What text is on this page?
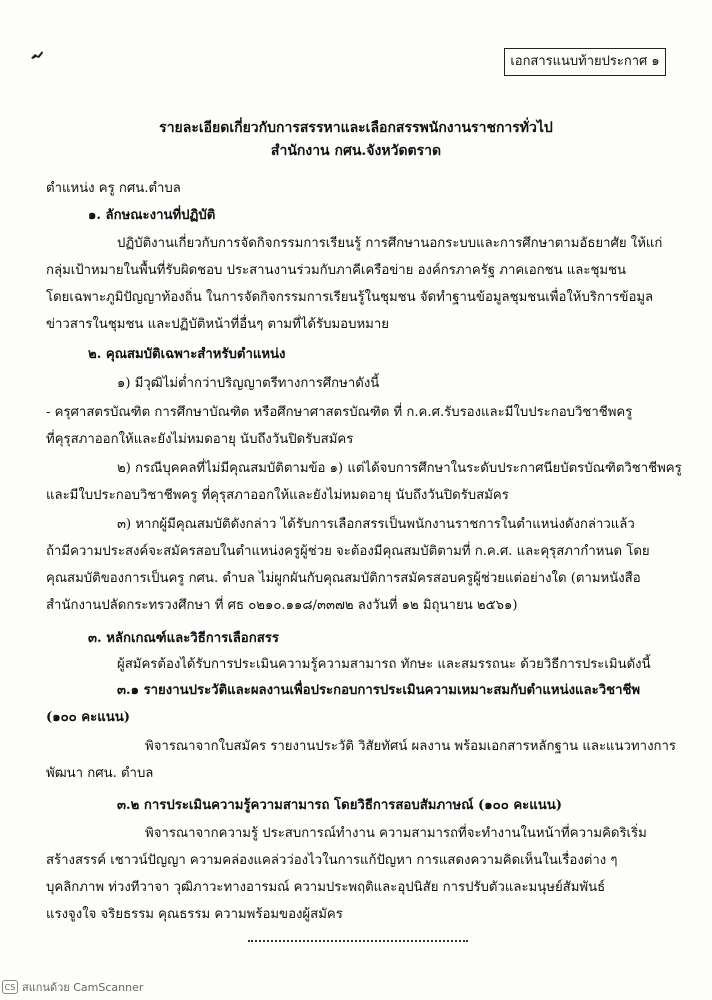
เอกสารแนบท้ายประกาศ ๑
รายละเอียดเกี่ยวกับการสรรหาและเลือกสรรพนักงานราชการทั่วไป
สำนักงาน กศน.จังหวัดตราด
ตำแหน่ง ครู กศน.ตำบล
๑. ลักษณะงานที่ปฏิบัติ
ปฏิบัติงานเกี่ยวกับการจัดกิจกรรมการเรียนรู้ การศึกษานอกระบบและการศึกษาตามอัธยาศัย ให้แก่
กลุ่มเป้าหมายในพื้นที่รับผิดชอบ ประสานงานร่วมกับภาคีเครือข่าย องค์กรภาครัฐ ภาคเอกชน และชุมชน
โดยเฉพาะภูมิปัญญาท้องถิ่น ในการจัดกิจกรรมการเรียนรู้ในชุมชน จัดทำฐานข้อมูลชุมชนเพื่อให้บริการข้อมูล
ข่าวสารในชุมชน และปฏิบัติหน้าที่อื่นๆ ตามที่ได้รับมอบหมาย
๒. คุณสมบัติเฉพาะสำหรับตำแหน่ง
๑) มีวุฒิไม่ต่ำกว่าปริญญาตรีทางการศึกษาดังนี้
- ครุศาสตรบัณฑิต การศึกษาบัณฑิต หรือศึกษาศาสตรบัณฑิต ที่ ก.ค.ศ.รับรองและมีใบประกอบวิชาชีพครู
ที่คุรุสภาออกให้และยังไม่หมดอายุ นับถึงวันปิดรับสมัคร
๒) กรณีบุคคลที่ไม่มีคุณสมบัติตามข้อ ๑) แต่ได้จบการศึกษาในระดับประกาศนียบัตรบัณฑิตวิชาชีพครู
และมีใบประกอบวิชาชีพครู ที่คุรุสภาออกให้และยังไม่หมดอายุ นับถึงวันปิดรับสมัคร
๓) หากผู้มีคุณสมบัติดังกล่าว ได้รับการเลือกสรรเป็นพนักงานราชการในตำแหน่งดังกล่าวแล้ว
ถ้ามีความประสงค์จะสมัครสอบในตำแหน่งครูผู้ช่วย จะต้องมีคุณสมบัติตามที่ ก.ค.ศ. และคุรุสภากำหนด โดย
คุณสมบัติของการเป็นครู กศน. ตำบล ไม่ผูกผันกับคุณสมบัติการสมัครสอบครูผู้ช่วยแต่อย่างใด (ตามหนังสือ
สำนักงานปลัดกระทรวงศึกษา ที่ ศธ ๐๒๑๐.๑๑๘/๓๓๗๒ ลงวันที่ ๑๒ มิถุนายน ๒๕๖๑)
๓. หลักเกณฑ์และวิธีการเลือกสรร
ผู้สมัครต้องได้รับการประเมินความรู้ความสามารถ ทักษะ และสมรรถนะ ด้วยวิธีการประเมินดังนี้
๓.๑ รายงานประวัติและผลงานเพื่อประกอบการประเมินความเหมาะสมกับตำแหน่งและวิชาชีพ
(๑๐๐ คะแนน)
พิจารณาจากใบสมัคร รายงานประวัติ วิสัยทัศน์ ผลงาน พร้อมเอกสารหลักฐาน และแนวทางการ
พัฒนา กศน. ตำบล
๓.๒ การประเมินความรู้ความสามารถ โดยวิธีการสอบสัมภาษณ์ (๑๐๐ คะแนน)
พิจารณาจากความรู้ ประสบการณ์ทำงาน ความสามารถที่จะทำงานในหน้าที่ความคิดริเริ่ม
สร้างสรรค์ เชาวน์ปัญญา ความคล่องแคล่วว่องไวในการแก้ปัญหา การแสดงความคิดเห็นในเรื่องต่าง ๆ
บุคลิกภาพ ท่วงทีวาจา วุฒิภาวะทางอารมณ์ ความประพฤติและอุปนิสัย การปรับตัวและมนุษย์สัมพันธ์
แรงจูงใจ จริยธรรม คุณธรรม ความพร้อมของผู้สมัคร
CS สแกนด้วย CamScanner
